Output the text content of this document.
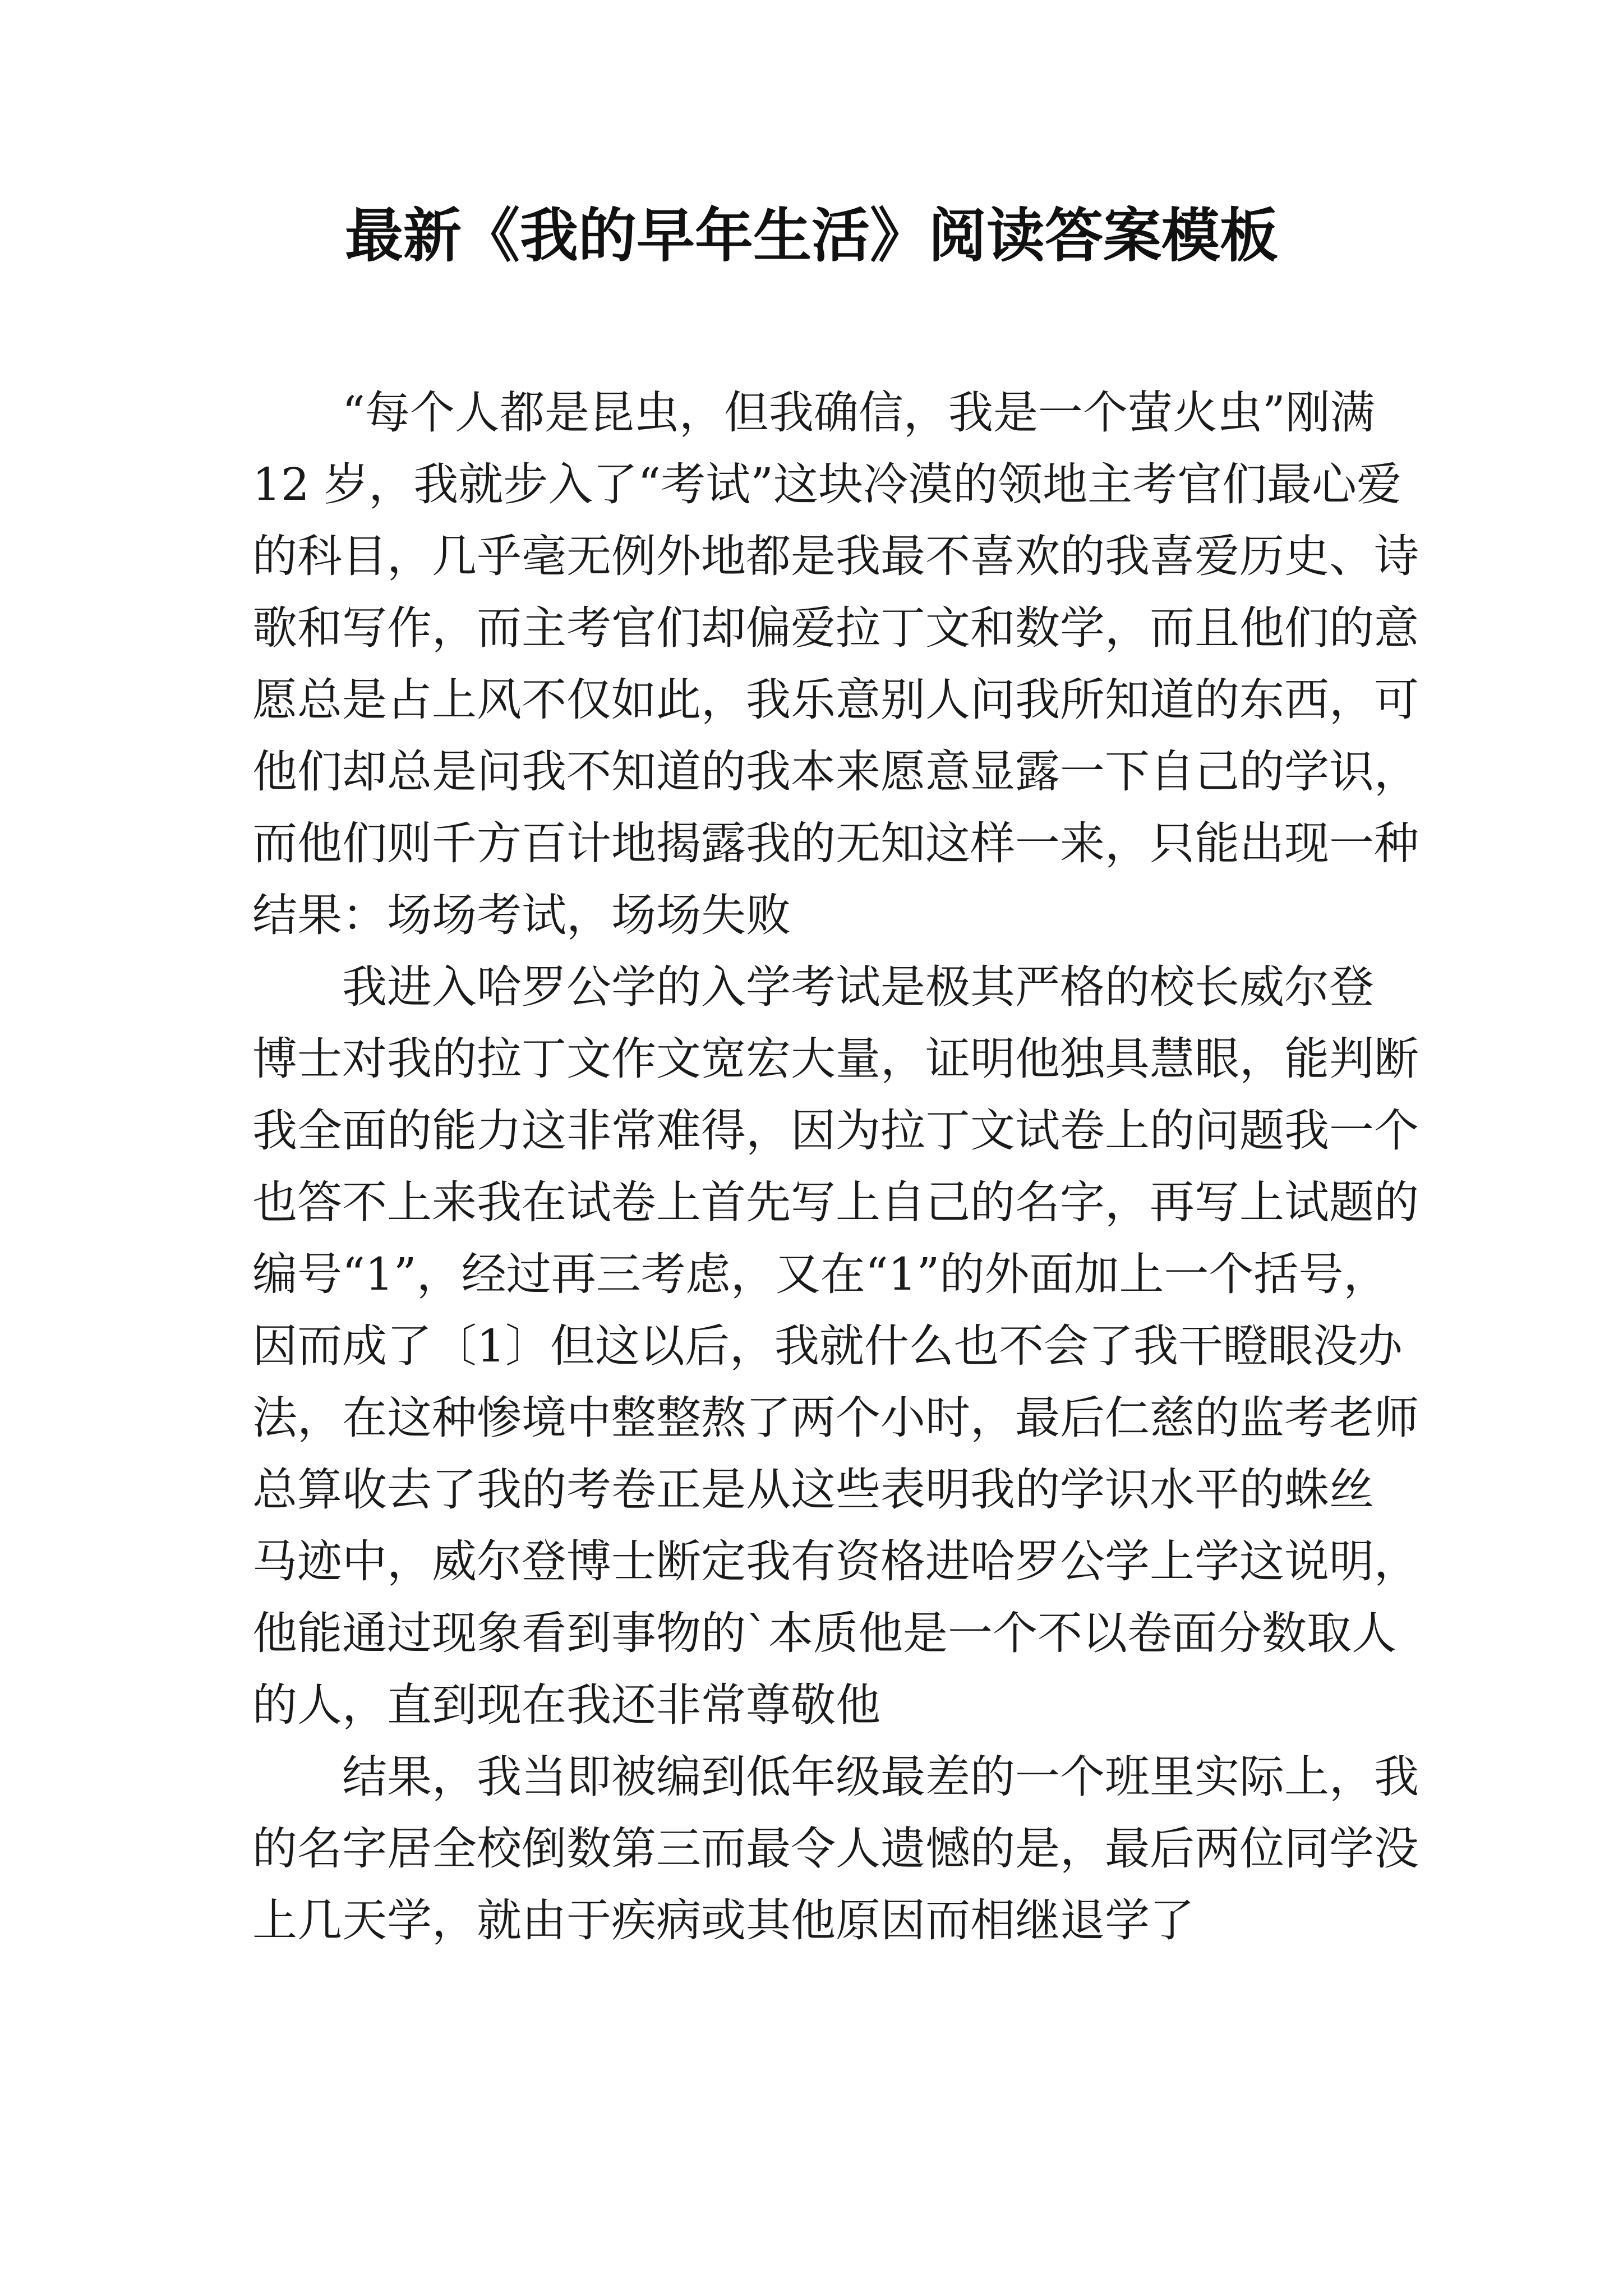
最新《我的早年生活》阅读答案模板
“每个人都是昆虫，但我确信，我是一个萤火虫”刚满
12 岁，我就步入了“考试”这块冷漠的领地主考官们最心爱
的科目，几乎毫无例外地都是我最不喜欢的我喜爱历史、诗
歌和写作，而主考官们却偏爱拉丁文和数学，而且他们的意
愿总是占上风不仅如此，我乐意别人问我所知道的东西，可
他们却总是问我不知道的我本来愿意显露一下自己的学识，
而他们则千方百计地揭露我的无知这样一来，只能出现一种
结果：场场考试，场场失败
我进入哈罗公学的入学考试是极其严格的校长威尔登
博士对我的拉丁文作文宽宏大量，证明他独具慧眼，能判断
我全面的能力这非常难得，因为拉丁文试卷上的问题我一个
也答不上来我在试卷上首先写上自己的名字，再写上试题的
编号“1”，经过再三考虑，又在“1”的外面加上一个括号，
因而成了〔1〕但这以后，我就什么也不会了我干瞪眼没办
法，在这种惨境中整整熬了两个小时，最后仁慈的监考老师
总算收去了我的考卷正是从这些表明我的学识水平的蛛丝
马迹中，威尔登博士断定我有资格进哈罗公学上学这说明，
他能通过现象看到事物的`本质他是一个不以卷面分数取人
的人，直到现在我还非常尊敬他
结果，我当即被编到低年级最差的一个班里实际上，我
的名字居全校倒数第三而最令人遗憾的是，最后两位同学没
上几天学，就由于疾病或其他原因而相继退学了
